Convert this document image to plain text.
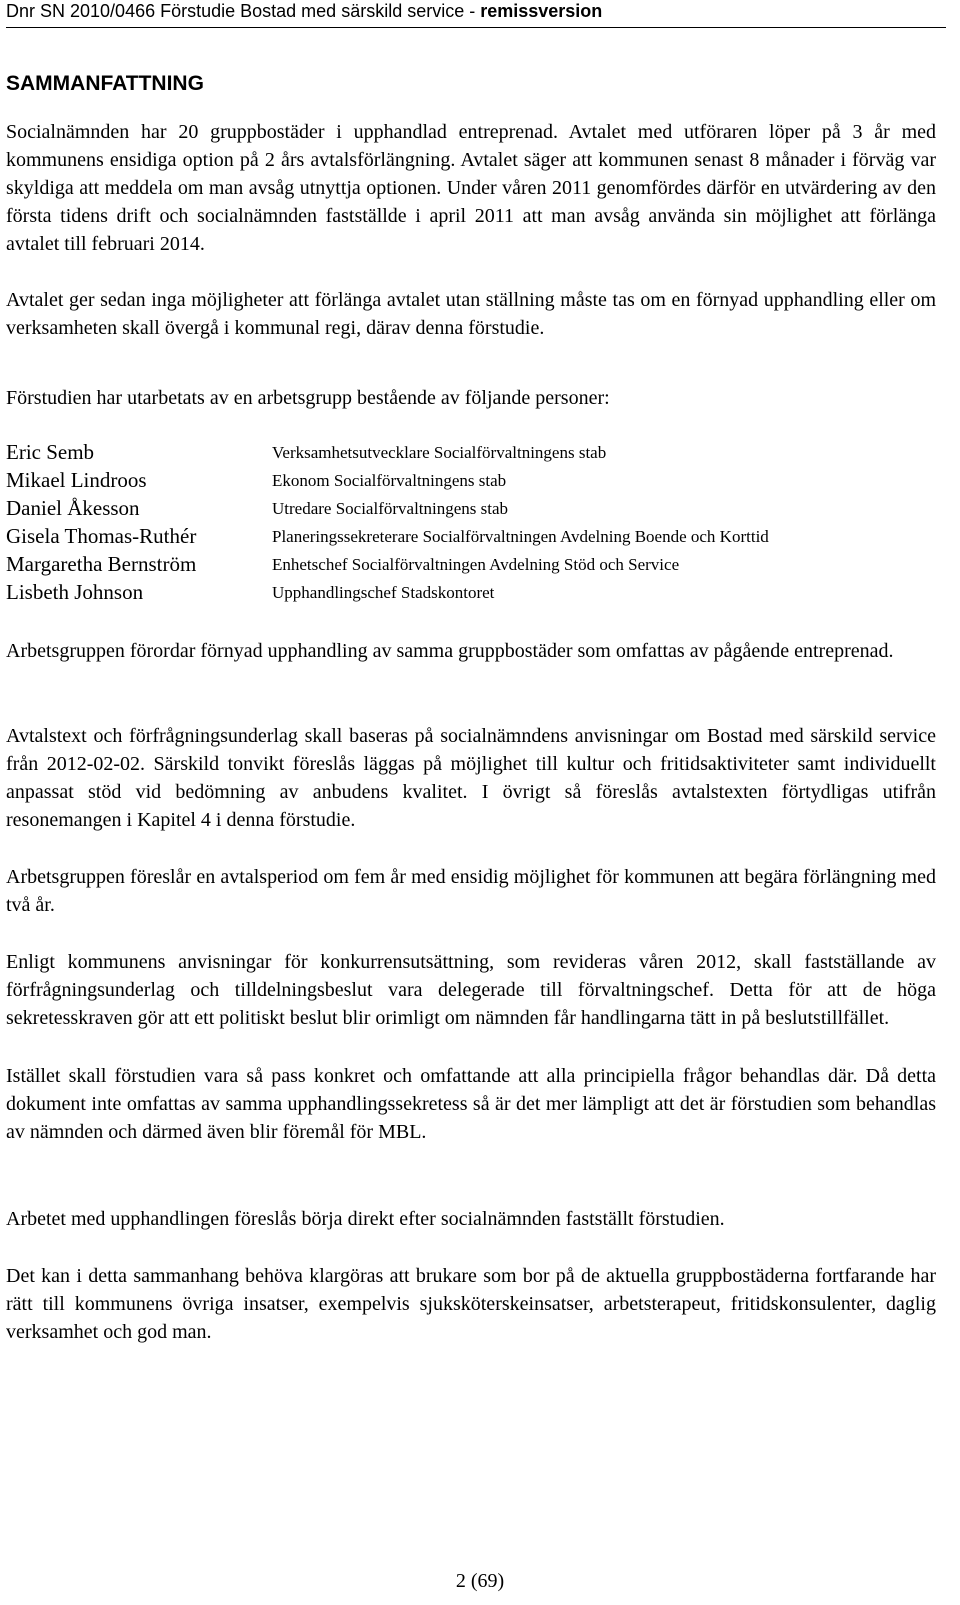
Dnr SN 2010/0466 Förstudie Bostad med särskild service - remissversion
SAMMANFATTNING
Socialnämnden har 20 gruppbostäder i upphandlad entreprenad. Avtalet med utföraren löper på 3 år med kommunens ensidiga option på 2 års avtalsförlängning. Avtalet säger att kommunen senast 8 månader i förväg var skyldiga att meddela om man avsåg utnyttja optionen. Under våren 2011 genomfördes därför en utvärdering av den första tidens drift och socialnämnden fastställde i april 2011 att man avsåg använda sin möjlighet att förlänga avtalet till februari 2014.
Avtalet ger sedan inga möjligheter att förlänga avtalet utan ställning måste tas om en förnyad upphandling eller om verksamheten skall övergå i kommunal regi, därav denna förstudie.
Förstudien har utarbetats av en arbetsgrupp bestående av följande personer:
Eric Semb	Verksamhetsutvecklare Socialförvaltningens stab
Mikael Lindroos	Ekonom Socialförvaltningens stab
Daniel Åkesson	Utredare Socialförvaltningens stab
Gisela Thomas-Ruthér	Planeringssekreterare Socialförvaltningen Avdelning Boende och Korttid
Margaretha Bernström	Enhetschef Socialförvaltningen Avdelning Stöd och Service
Lisbeth Johnson	Upphandlingschef Stadskontoret
Arbetsgruppen förordar förnyad upphandling av samma gruppbostäder som omfattas av pågående entreprenad.
Avtalstext och förfrågningsunderlag skall baseras på socialnämndens anvisningar om Bostad med särskild service från 2012-02-02. Särskild tonvikt föreslås läggas på möjlighet till kultur och fritidsaktiviteter samt individuellt anpassat stöd vid bedömning av anbudens kvalitet. I övrigt så föreslås avtalstexten förtydligas utifrån resonemangen i Kapitel 4 i denna förstudie.
Arbetsgruppen föreslår en avtalsperiod om fem år med ensidig möjlighet för kommunen att begära förlängning med två år.
Enligt kommunens anvisningar för konkurrensutsättning, som revideras våren 2012, skall fastställande av förfrågningsunderlag och tilldelningsbeslut vara delegerade till förvaltningschef. Detta för att de höga sekretesskraven gör att ett politiskt beslut blir orimligt om nämnden får handlingarna tätt in på beslutstillfället.
Istället skall förstudien vara så pass konkret och omfattande att alla principiella frågor behandlas där. Då detta dokument inte omfattas av samma upphandlingssekretess så är det mer lämpligt att det är förstudien som behandlas av nämnden och därmed även blir föremål för MBL.
Arbetet med upphandlingen föreslås börja direkt efter socialnämnden fastställt förstudien.
Det kan i detta sammanhang behöva klargöras att brukare som bor på de aktuella gruppbostäderna fortfarande har rätt till kommunens övriga insatser, exempelvis sjuksköterskeinsatser, arbetsterapeut, fritidskonsulenter, daglig verksamhet och god man.
2 (69)
